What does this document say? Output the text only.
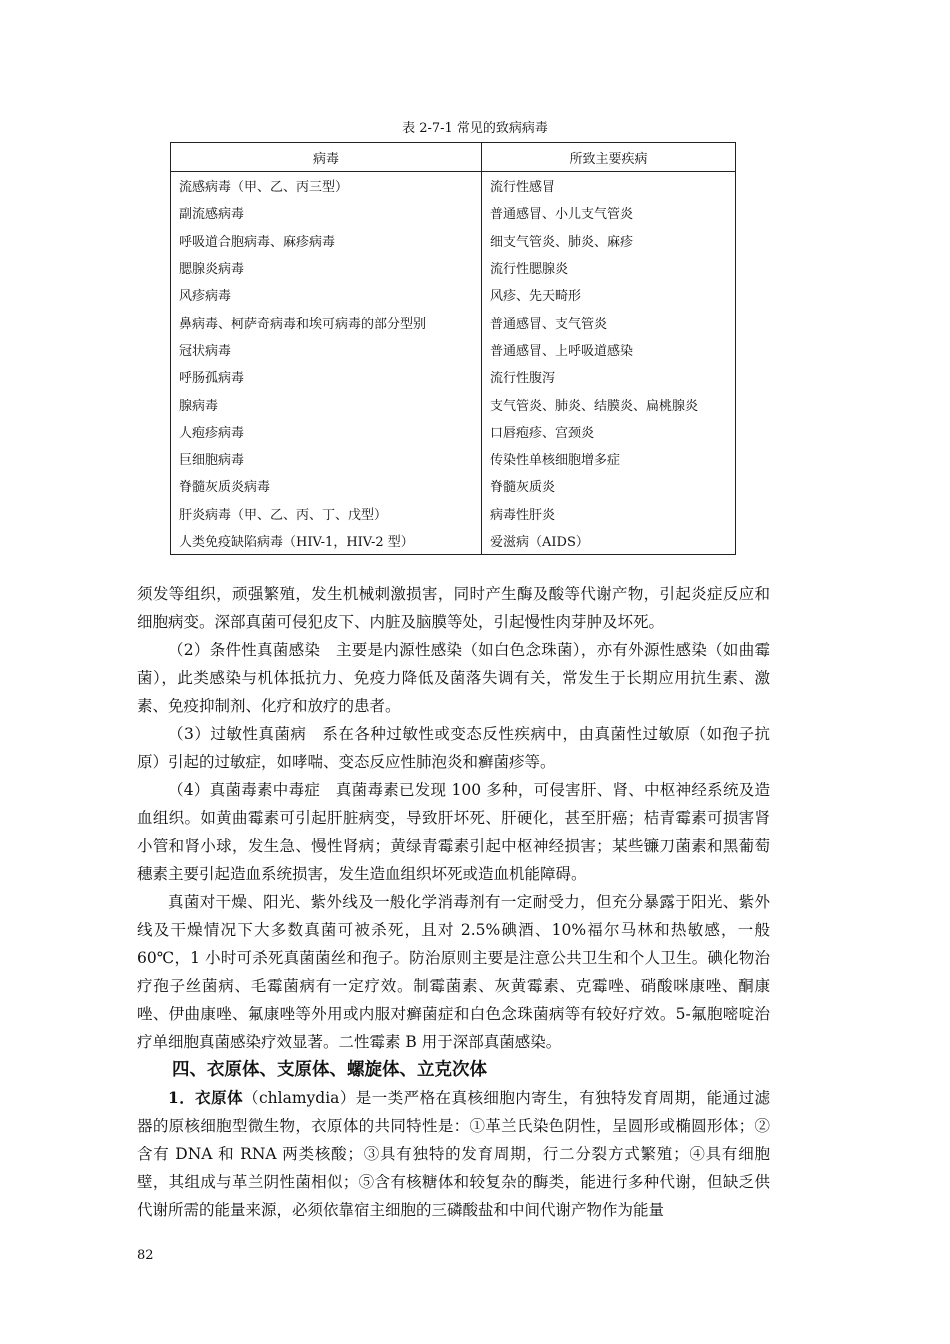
表 2-7-1 常见的致病病毒
病毒	所致主要疾病
流感病毒（甲、乙、丙三型）	流行性感冒
副流感病毒	普通感冒、小儿支气管炎
呼吸道合胞病毒、麻疹病毒	细支气管炎、肺炎、麻疹
腮腺炎病毒	流行性腮腺炎
风疹病毒	风疹、先天畸形
鼻病毒、柯萨奇病毒和埃可病毒的部分型别	普通感冒、支气管炎
冠状病毒	普通感冒、上呼吸道感染
呼肠孤病毒	流行性腹泻
腺病毒	支气管炎、肺炎、结膜炎、扁桃腺炎
人疱疹病毒	口唇疱疹、宫颈炎
巨细胞病毒	传染性单核细胞增多症
脊髓灰质炎病毒	脊髓灰质炎
肝炎病毒（甲、乙、丙、丁、戊型）	病毒性肝炎
人类免疫缺陷病毒（HIV-1，HIV-2 型）	爱滋病（AIDS）

须发等组织，顽强繁殖，发生机械刺激损害，同时产生酶及酸等代谢产物，引起炎症反应和细胞病变。深部真菌可侵犯皮下、内脏及脑膜等处，引起慢性肉芽肿及坏死。

（2）条件性真菌感染　主要是内源性感染（如白色念珠菌），亦有外源性感染（如曲霉菌），此类感染与机体抵抗力、免疫力降低及菌落失调有关，常发生于长期应用抗生素、激素、免疫抑制剂、化疗和放疗的患者。

（3）过敏性真菌病　系在各种过敏性或变态反性疾病中，由真菌性过敏原（如孢子抗原）引起的过敏症，如哮喘、变态反应性肺泡炎和癣菌疹等。

（4）真菌毒素中毒症　真菌毒素已发现 100 多种，可侵害肝、肾、中枢神经系统及造血组织。如黄曲霉素可引起肝脏病变，导致肝坏死、肝硬化，甚至肝癌；桔青霉素可损害肾小管和肾小球，发生急、慢性肾病；黄绿青霉素引起中枢神经损害；某些镰刀菌素和黑葡萄穗素主要引起造血系统损害，发生造血组织坏死或造血机能障碍。

真菌对干燥、阳光、紫外线及一般化学消毒剂有一定耐受力，但充分暴露于阳光、紫外线及干燥情况下大多数真菌可被杀死，且对 2.5%碘酒、10%福尔马林和热敏感，一般 60℃，1 小时可杀死真菌菌丝和孢子。防治原则主要是注意公共卫生和个人卫生。碘化物治疗孢子丝菌病、毛霉菌病有一定疗效。制霉菌素、灰黄霉素、克霉唑、硝酸咪康唑、酮康唑、伊曲康唑、氟康唑等外用或内服对癣菌症和白色念珠菌病等有较好疗效。5-氟胞嘧啶治疗单细胞真菌感染疗效显著。二性霉素 B 用于深部真菌感染。

四、衣原体、支原体、螺旋体、立克次体

1．衣原体（chlamydia）是一类严格在真核细胞内寄生，有独特发育周期，能通过滤器的原核细胞型微生物，衣原体的共同特性是：①革兰氏染色阴性，呈圆形或椭圆形体；②含有 DNA 和 RNA 两类核酸；③具有独特的发育周期，行二分裂方式繁殖；④具有细胞壁，其组成与革兰阴性菌相似；⑤含有核糖体和较复杂的酶类，能进行多种代谢，但缺乏供代谢所需的能量来源，必须依靠宿主细胞的三磷酸盐和中间代谢产物作为能量

82
